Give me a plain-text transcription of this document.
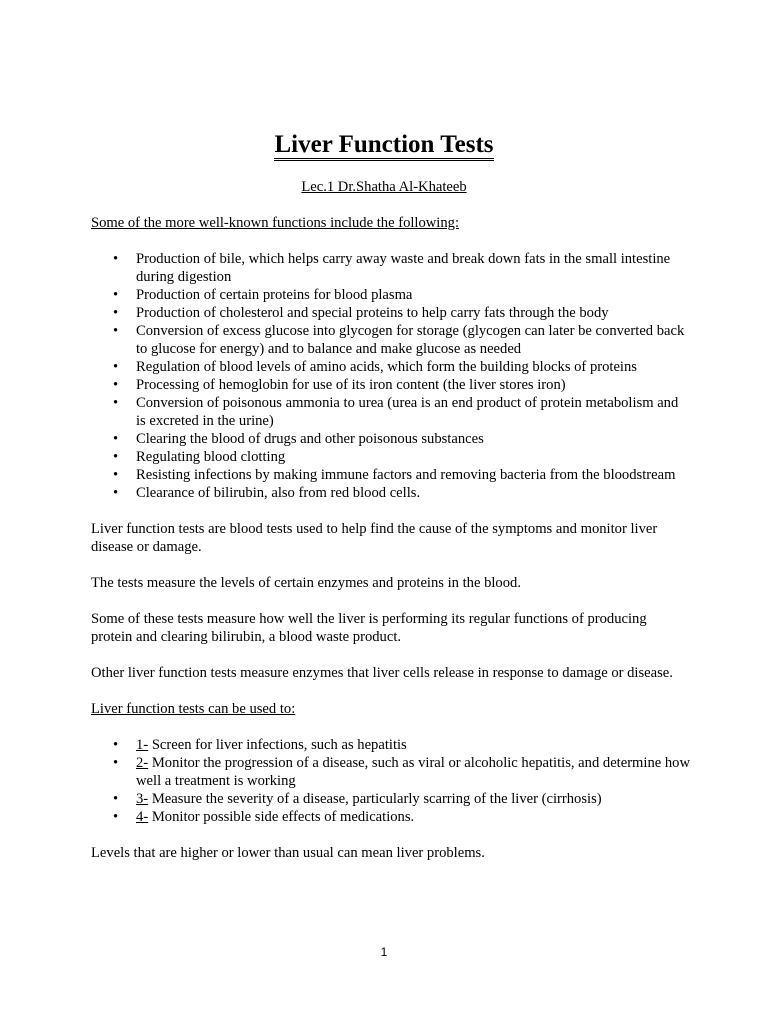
Liver Function Tests
Lec.1 Dr.Shatha Al-Khateeb

Some of the more well-known functions include the following:

• Production of bile, which helps carry away waste and break down fats in the small intestine during digestion
• Production of certain proteins for blood plasma
• Production of cholesterol and special proteins to help carry fats through the body
• Conversion of excess glucose into glycogen for storage (glycogen can later be converted back to glucose for energy) and to balance and make glucose as needed
• Regulation of blood levels of amino acids, which form the building blocks of proteins
• Processing of hemoglobin for use of its iron content (the liver stores iron)
• Conversion of poisonous ammonia to urea (urea is an end product of protein metabolism and is excreted in the urine)
• Clearing the blood of drugs and other poisonous substances
• Regulating blood clotting
• Resisting infections by making immune factors and removing bacteria from the bloodstream
• Clearance of bilirubin, also from red blood cells.

Liver function tests are blood tests used to help find the cause of the symptoms and monitor liver disease or damage.

The tests measure the levels of certain enzymes and proteins in the blood.

Some of these tests measure how well the liver is performing its regular functions of producing protein and clearing bilirubin, a blood waste product.

Other liver function tests measure enzymes that liver cells release in response to damage or disease.

Liver function tests can be used to:

• 1- Screen for liver infections, such as hepatitis
• 2- Monitor the progression of a disease, such as viral or alcoholic hepatitis, and determine how well a treatment is working
• 3- Measure the severity of a disease, particularly scarring of the liver (cirrhosis)
• 4- Monitor possible side effects of medications.

Levels that are higher or lower than usual can mean liver problems.

1
